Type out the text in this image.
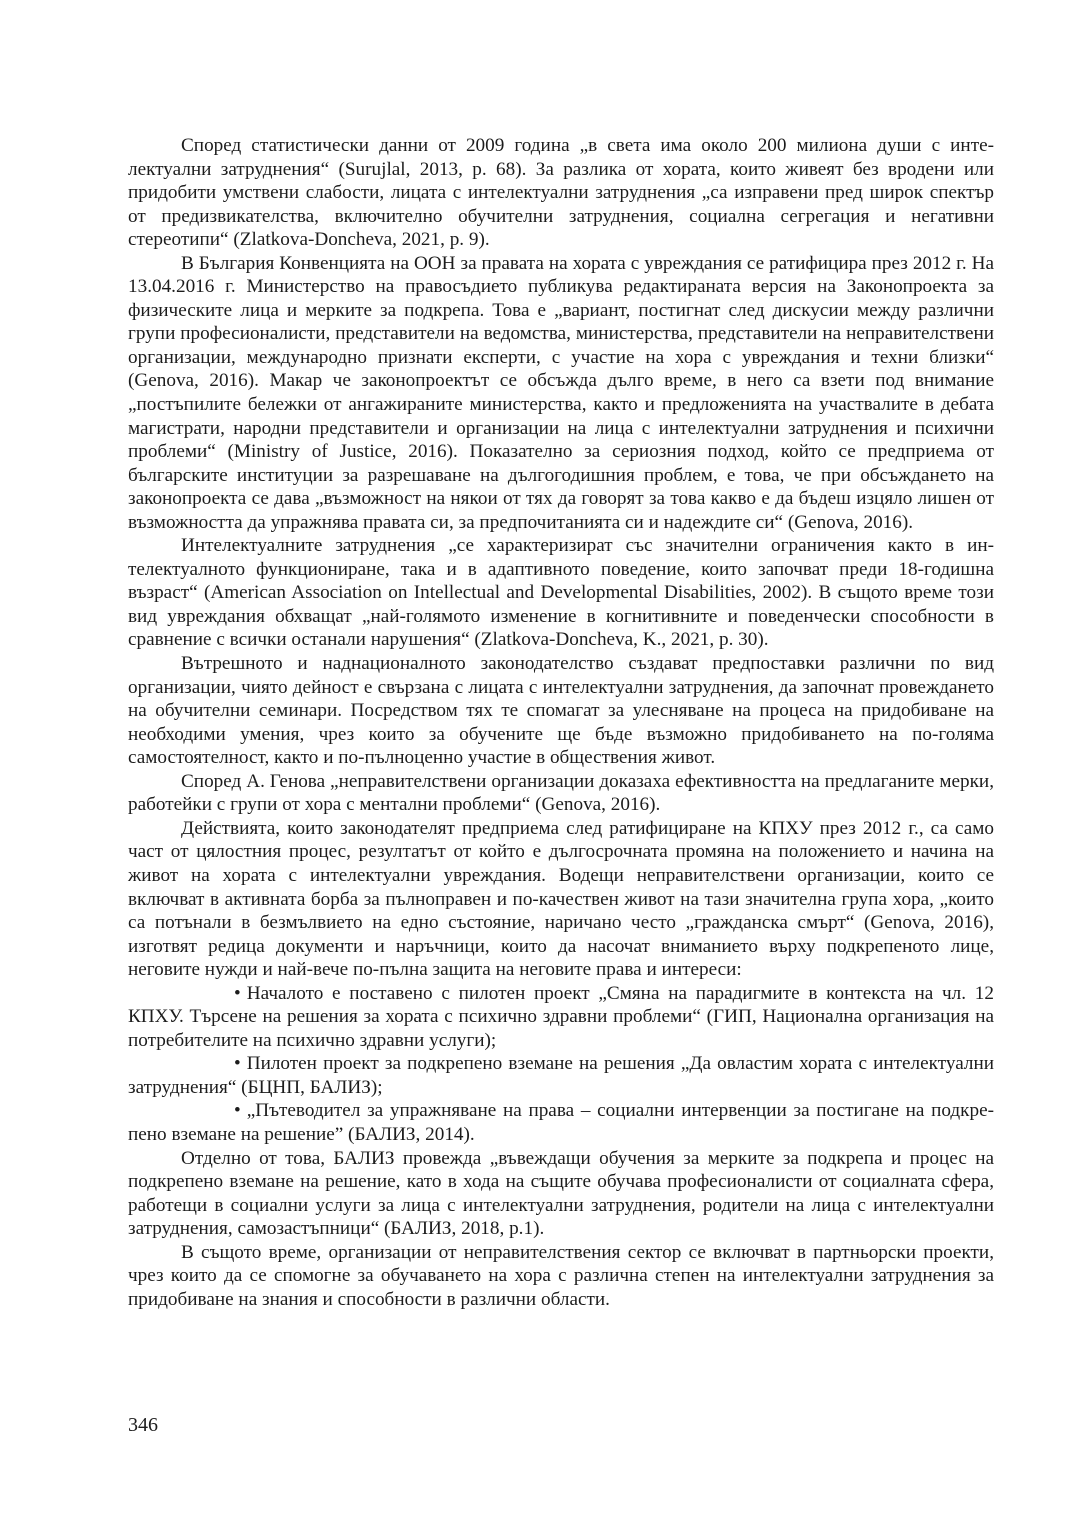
Според статистически данни от 2009 година „в света има около 200 милиона души с интелектуални затруднения“ (Surujlal, 2013, p. 68). За разлика от хората, които живеят без вродени или придобити умствени слабости, лицата с интелектуални затруднения „са изправени пред широк спектър от предизвикателства, включително обучителни затруднения, социална сегрегация и негативни стереотипи“ (Zlatkova-Doncheva, 2021, p. 9).

В България Конвенцията на ООН за правата на хората с увреждания се ратифицира през 2012 г. На 13.04.2016 г. Министерство на правосъдието публикува редактираната версия на Законопроекта за физическите лица и мерките за подкрепа. Това е „вариант, постигнат след дискусии между различни групи професионалисти, представители на ведомства, министерства, представители на неправителствени организации, международно признати експерти, с участие на хора с увреждания и техни близки“ (Genova, 2016). Макар че законопроектът се обсъжда дълго време, в него са взети под внимание „постъпилите бележки от ангажираните министерства, както и предложенията на участвалите в дебата магистрати, народни представители и организации на лица с интелектуални затруднения и психични проблеми“ (Ministry of Justice, 2016). Показателно за сериозния подход, който се предприема от българските институции за разрешаване на дългогодишния проблем, е това, че при обсъждането на законопроекта се дава „възможност на някои от тях да говорят за това какво е да бъдеш изцяло лишен от възможността да упражнява правата си, за предпочитанията си и надеждите си“ (Genova, 2016).

Интелектуалните затруднения „се характеризират със значителни ограничения както в интелектуалното функциониране, така и в адаптивното поведение, които започват преди 18-годишна възраст“ (American Association on Intellectual and Developmental Disabilities, 2002). В същото време този вид увреждания обхващат „най-голямото изменение в когнитивните и поведенчески способности в сравнение с всички останали нарушения“ (Zlatkova-Doncheva, K., 2021, p. 30).

Вътрешното и наднационалното законодателство създават предпоставки различни по вид организации, чиято дейност е свързана с лицата с интелектуални затруднения, да започнат провеждането на обучителни семинари. Посредством тях те спомагат за улесняване на процеса на придобиване на необходими умения, чрез които за обучените ще бъде възможно придобиването на по-голяма самостоятелност, както и по-пълноценно участие в обществения живот.

Според А. Генова „неправителствени организации доказаха ефективността на предлаганите мерки, работейки с групи от хора с ментални проблеми“ (Genova, 2016).

Действията, които законодателят предприема след ратифициране на КПХУ през 2012 г., са само част от цялостния процес, резултатът от който е дългосрочната промяна на положението и начина на живот на хората с интелектуални увреждания. Водещи неправителствени организации, които се включват в активната борба за пълноправен и по-качествен живот на тази значителна група хора, „които са потънали в безмълвието на едно състояние, наричано често „гражданска смърт“ (Genova, 2016), изготвят редица документи и наръчници, които да насочат вниманието върху подкрепеното лице, неговите нужди и най-вече по-пълна защита на неговите права и интереси:

• Началото е поставено с пилотен проект „Смяна на парадигмите в контекста на чл. 12 КПХУ. Търсене на решения за хората с психично здравни проблеми“ (ГИП, Национална организация на потребителите на психично здравни услуги);
• Пилотен проект за подкрепено вземане на решения „Да овластим хората с интелектуални затруднения“ (БЦНП, БАЛИЗ);
• „Пътеводител за упражняване на права – социални интервенции за постигане на подкрепено вземане на решение” (БАЛИЗ, 2014).

Отделно от това, БАЛИЗ провежда „въвеждащи обучения за мерките за подкрепа и процес на подкрепено вземане на решение, като в хода на същите обучава професионалисти от социалната сфера, работещи в социални услуги за лица с интелектуални затруднения, родители на лица с интелектуални затруднения, самозастъпници“ (БАЛИЗ, 2018, p.1).

В същото време, организации от неправителствения сектор се включват в партньорски проекти, чрез които да се спомогне за обучаването на хора с различна степен на интелектуални затруднения за придобиване на знания и способности в различни области.

346
